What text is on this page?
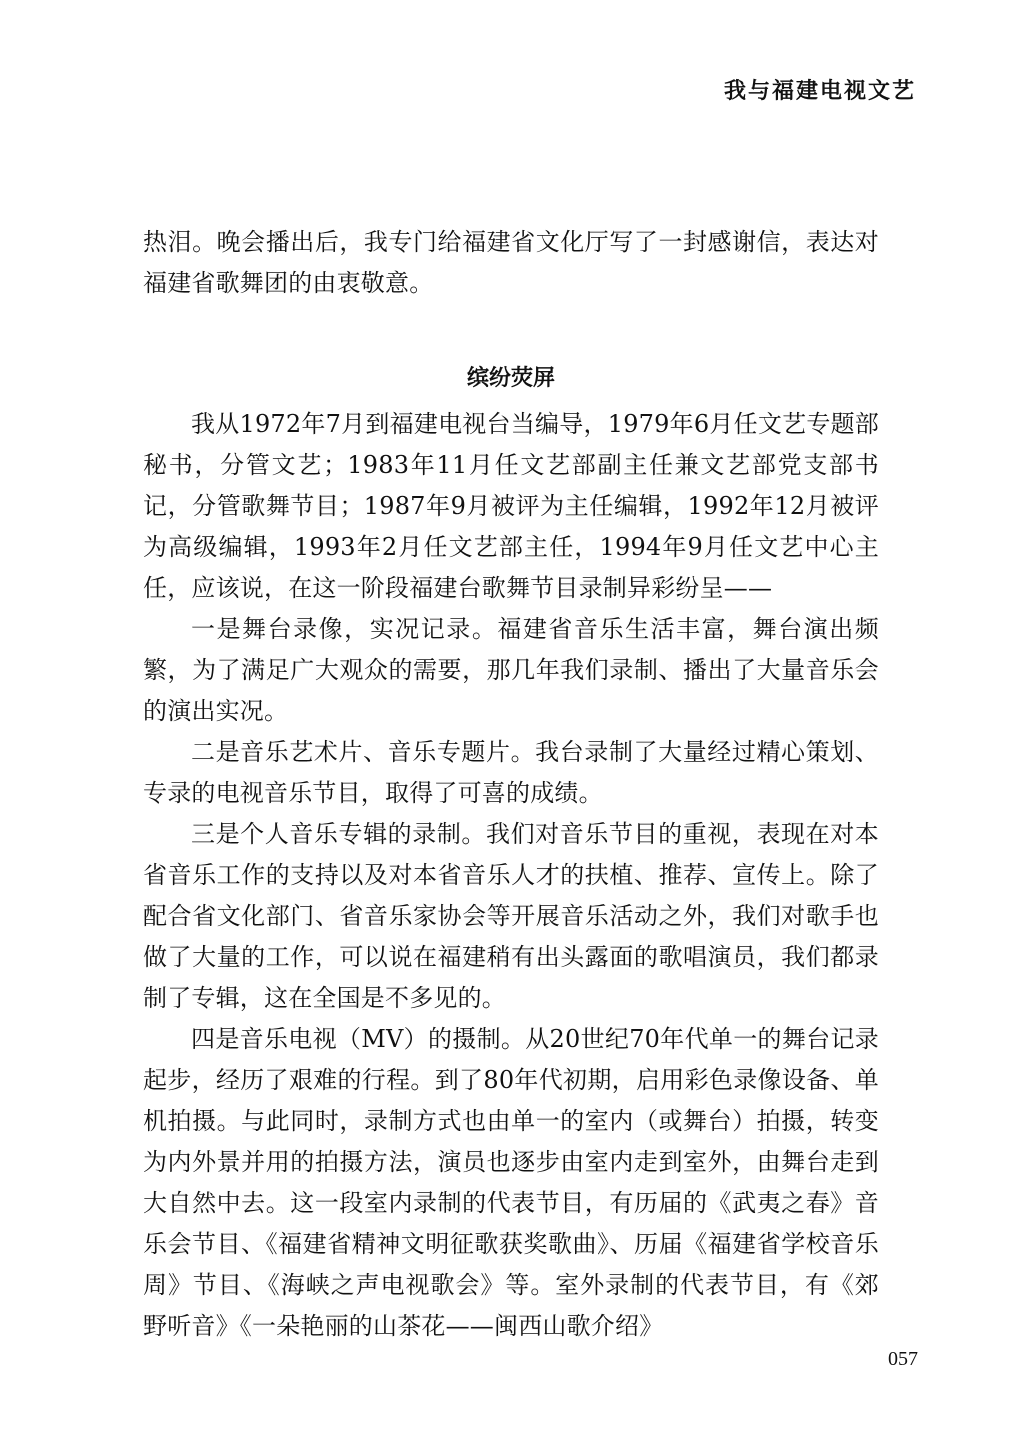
我与福建电视文艺

热泪。晚会播出后，我专门给福建省文化厅写了一封感谢信，表达对福建省歌舞团的由衷敬意。

缤纷荧屏

我从1972年7月到福建电视台当编导，1979年6月任文艺专题部秘书，分管文艺；1983年11月任文艺部副主任兼文艺部党支部书记，分管歌舞节目；1987年9月被评为主任编辑，1992年12月被评为高级编辑，1993年2月任文艺部主任，1994年9月任文艺中心主任，应该说，在这一阶段福建台歌舞节目录制异彩纷呈——

一是舞台录像，实况记录。福建省音乐生活丰富，舞台演出频繁，为了满足广大观众的需要，那几年我们录制、播出了大量音乐会的演出实况。

二是音乐艺术片、音乐专题片。我台录制了大量经过精心策划、专录的电视音乐节目，取得了可喜的成绩。

三是个人音乐专辑的录制。我们对音乐节目的重视，表现在对本省音乐工作的支持以及对本省音乐人才的扶植、推荐、宣传上。除了配合省文化部门、省音乐家协会等开展音乐活动之外，我们对歌手也做了大量的工作，可以说在福建稍有出头露面的歌唱演员，我们都录制了专辑，这在全国是不多见的。

四是音乐电视（MV）的摄制。从20世纪70年代单一的舞台记录起步，经历了艰难的行程。到了80年代初期，启用彩色录像设备、单机拍摄。与此同时，录制方式也由单一的室内（或舞台）拍摄，转变为内外景并用的拍摄方法，演员也逐步由室内走到室外，由舞台走到大自然中去。这一段室内录制的代表节目，有历届的《武夷之春》音乐会节目、《福建省精神文明征歌获奖歌曲》、历届《福建省学校音乐周》节目、《海峡之声电视歌会》等。室外录制的代表节目，有《郊野听音》《一朵艳丽的山茶花——闽西山歌介绍》

057
